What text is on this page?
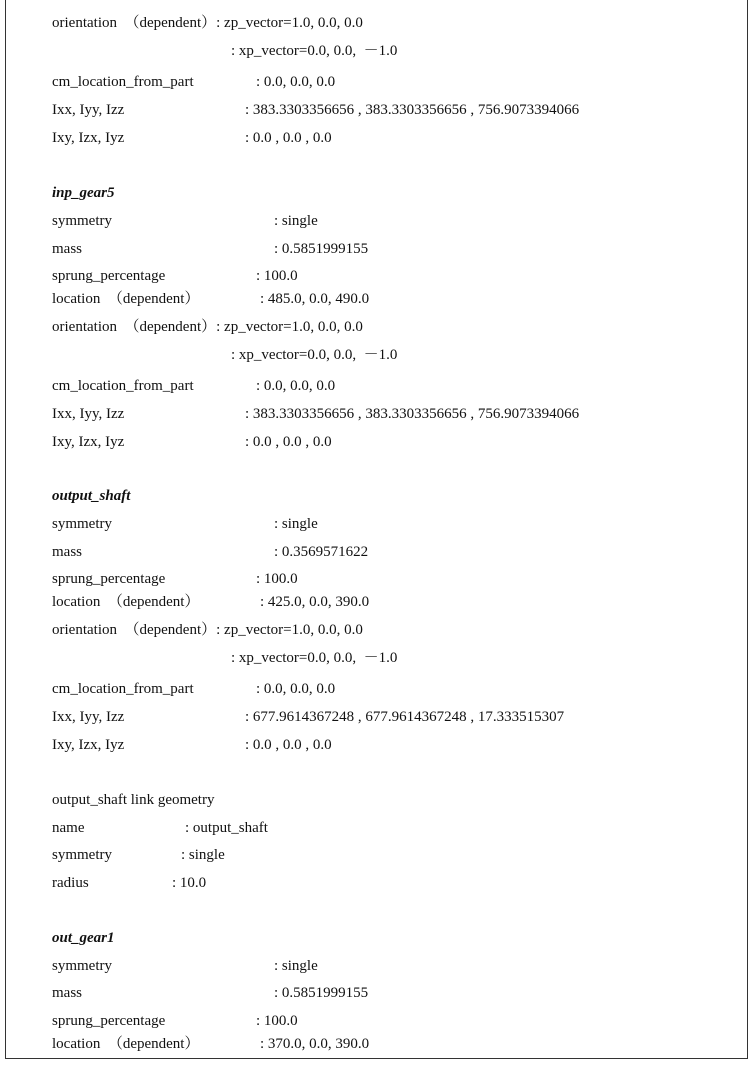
orientation  （dependent）: zp_vector=1.0, 0.0, 0.0
: xp_vector=0.0, 0.0,  －1.0
cm_location_from_part	: 0.0, 0.0, 0.0
Ixx, Iyy, Izz	: 383.3303356656 , 383.3303356656 , 756.9073394066
Ixy, Izx, Iyz	: 0.0 , 0.0 , 0.0
inp_gear5
symmetry	: single
mass	: 0.5851999155
sprung_percentage	: 100.0
location  （dependent）	: 485.0, 0.0, 490.0
orientation  （dependent）: zp_vector=1.0, 0.0, 0.0
: xp_vector=0.0, 0.0,  －1.0
cm_location_from_part	: 0.0, 0.0, 0.0
Ixx, Iyy, Izz	: 383.3303356656 , 383.3303356656 , 756.9073394066
Ixy, Izx, Iyz	: 0.0 , 0.0 , 0.0
output_shaft
symmetry	: single
mass	: 0.3569571622
sprung_percentage	: 100.0
location  （dependent）	: 425.0, 0.0, 390.0
orientation  （dependent）: zp_vector=1.0, 0.0, 0.0
: xp_vector=0.0, 0.0,  －1.0
cm_location_from_part	: 0.0, 0.0, 0.0
Ixx, Iyy, Izz	: 677.9614367248 , 677.9614367248 , 17.333515307
Ixy, Izx, Iyz	: 0.0 , 0.0 , 0.0
output_shaft link geometry
name	: output_shaft
symmetry	: single
radius	: 10.0
out_gear1
symmetry	: single
mass	: 0.5851999155
sprung_percentage	: 100.0
location  （dependent）	: 370.0, 0.0, 390.0
